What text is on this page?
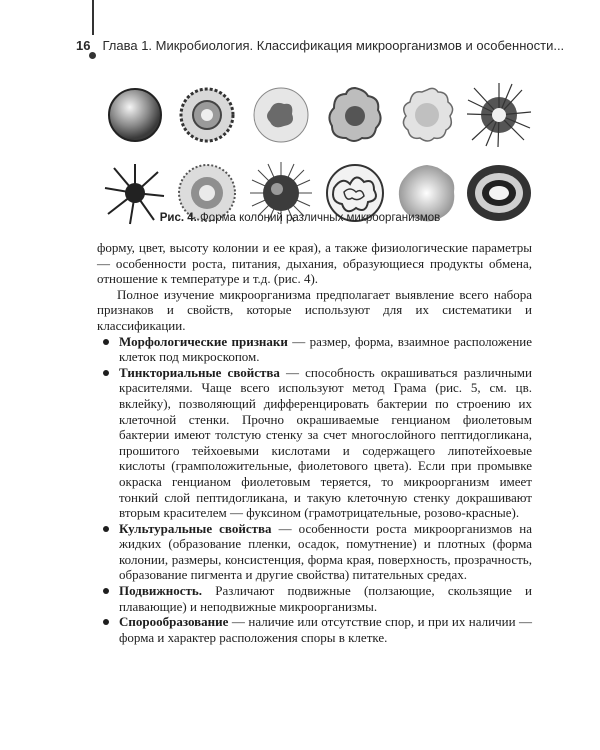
16 Глава 1. Микробиология. Классификация микроорганизмов и особенности...
Рис. 4. Форма колоний различных микроорганизмов

форму, цвет, высоту колонии и ее края), а также физиологические параметры — особенности роста, питания, дыхания, образующиеся продукты обмена, отношение к температуре и т.д. (рис. 4).

Полное изучение микроорганизма предполагает выявление всего набора признаков и свойств, которые используют для их систематики и классификации.

Морфологические признаки — размер, форма, взаимное расположение клеток под микроскопом.
Тинкториальные свойства — способность окрашиваться различными красителями. Чаще всего используют метод Грама (рис. 5, см. цв. вклейку), позволяющий дифференцировать бактерии по строению их клеточной стенки. Прочно окрашиваемые генцианом фиолетовым бактерии имеют толстую стенку за счет многослойного пептидогликана, прошитого тейхоевыми кислотами и содержащего липотейхоевые кислоты (грамположительные, фиолетового цвета). Если при промывке окраска генцианом фиолетовым теряется, то микроорганизм имеет тонкий слой пептидогликана, и такую клеточную стенку докрашивают вторым красителем — фуксином (грамотрицательные, розово-красные).
Культуральные свойства — особенности роста микроорганизмов на жидких (образование пленки, осадок, помутнение) и плотных (форма колонии, размеры, консистенция, форма края, поверхность, прозрачность, образование пигмента и другие свойства) питательных средах.
Подвижность. Различают подвижные (ползающие, скользящие и плавающие) и неподвижные микроорганизмы.
Спорообразование — наличие или отсутствие спор, и при их наличии — форма и характер расположения споры в клетке.
